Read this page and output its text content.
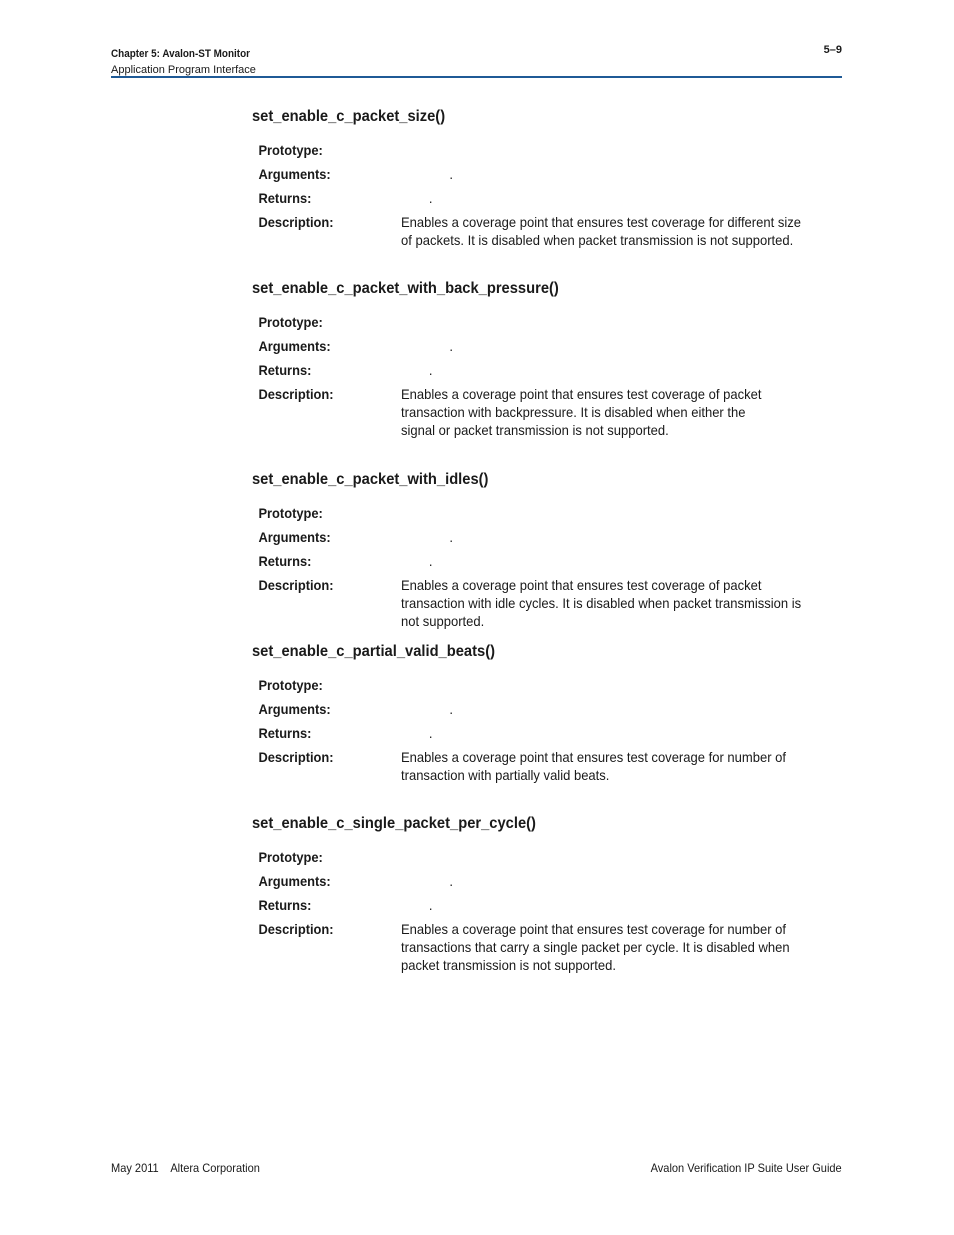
Chapter 5: Avalon-ST Monitor	5–9
Application Program Interface
set_enable_c_packet_size()
Prototype:
Arguments:	.
Returns:	.
Description:	Enables a coverage point that ensures test coverage for different size of packets. It is disabled when packet transmission is not supported.
set_enable_c_packet_with_back_pressure()
Prototype:
Arguments:	.
Returns:	.
Description:	Enables a coverage point that ensures test coverage of packet transaction with backpressure. It is disabled when either thesignal or packet transmission is not supported.
set_enable_c_packet_with_idles()
Prototype:
Arguments:	.
Returns:	.
Description:	Enables a coverage point that ensures test coverage of packet transaction with idle cycles. It is disabled when packet transmission is not supported.
set_enable_c_partial_valid_beats()
Prototype:
Arguments:	.
Returns:	.
Description:	Enables a coverage point that ensures test coverage for number of transaction with partially valid beats.
set_enable_c_single_packet_per_cycle()
Prototype:
Arguments:	.
Returns:	.
Description:	Enables a coverage point that ensures test coverage for number of transactions that carry a single packet per cycle. It is disabled when packet transmission is not supported.
May 2011    Altera Corporation	Avalon Verification IP Suite User Guide
